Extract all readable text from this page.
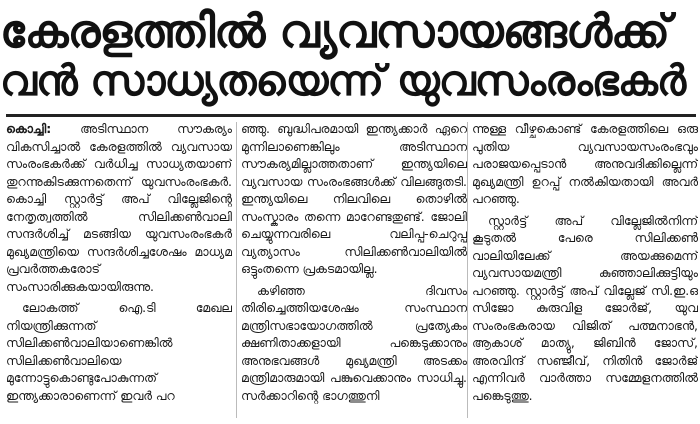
കേരളത്തിൽ വ്യവസായങ്ങൾക്ക്
വൻ സാധ്യതയെന്ന് യുവസംരംഭകർ

കൊച്ചി: അടിസ്ഥാന സൗകര്യം വികസിച്ചാൽ കേരളത്തിൽ വ്യവസായ സംരംഭകർക്ക് വർധിച്ച സാധ്യതയാണ് തുറന്നുകിടക്കുന്നതെന്ന് യുവസംരംഭകർ. കൊച്ചി സ്റ്റാർട്ട് അപ് വില്ലേജിന്റെ നേതൃത്വത്തിൽ സിലിക്കൺവാലി സന്ദർശിച്ച് മടങ്ങിയ യുവസംരംഭകർ മുഖ്യമന്ത്രിയെ സന്ദർശിച്ചശേഷം മാധ്യമ പ്രവർത്തകരോട് സംസാരിക്കുകയായിരുന്നു.

ലോകത്ത് ഐ.ടി മേഖല നിയന്ത്രിക്കുന്നത് സിലിക്കൺവാലിയാണെങ്കിൽ സിലിക്കൺവാലിയെ മുന്നോട്ടുകൊണ്ടുപോകുന്നത് ഇന്ത്യക്കാരാണെന്ന് ഇവർ പറ

ഞ്ഞു. ബുദ്ധിപരമായി ഇന്ത്യക്കാർ ഏറെ മുന്നിലാണെങ്കിലും അടിസ്ഥാന സൗകര്യമില്ലാത്തതാണ് ഇന്ത്യയിലെ വ്യവസായ സംരംഭങ്ങൾക്ക് വിലങ്ങുതടി. ഇന്ത്യയിലെ നിലവിലെ തൊഴിൽ സംസ്കാരം തന്നെ മാറേണ്ടതുണ്ട്. ജോലി ചെയ്യുന്നവരിലെ വലിപ്പ-ചെറുപ്പ വ്യത്യാസം സിലിക്കൺവാലിയിൽ ഒട്ടുംതന്നെ പ്രകടമായില്ല.

കഴിഞ്ഞ ദിവസം തിരിച്ചെത്തിയശേഷം സംസ്ഥാന മന്ത്രിസഭായോഗത്തിൽ പ്രത്യേകം ക്ഷണിതാക്കളായി പങ്കെടുക്കാനും അനുഭവങ്ങൾ മുഖ്യമന്ത്രി അടക്കം മന്ത്രിമാരുമായി പങ്കുവെക്കാനും സാധിച്ചു. സർക്കാറിന്റെ ഭാഗത്തുനി

ന്നുള്ള വീഴ്ചകൊണ്ട് കേരളത്തിലെ ഒരു പുതിയ വ്യവസായസംരംഭവും പരാജയപ്പെടാൻ അനുവദിക്കില്ലെന്ന് മുഖ്യമന്ത്രി ഉറപ്പ് നൽകിയതായി അവർ പറഞ്ഞു.

സ്റ്റാർട്ട് അപ് വില്ലേജിൽനിന്ന് കൂടുതൽ പേരെ സിലിക്കൺ വാലിയിലേക്ക് അയക്കുമെന്ന് വ്യവസായമന്ത്രി കുഞ്ഞാലിക്കുട്ടിയും പറഞ്ഞു. സ്റ്റാർട്ട് അപ് വില്ലേജ് സി.ഇ.ഒ സിജോ കുരുവിള ജോർജ്, യുവ സംരംഭകരായ വിജിത് പത്മനാഭൻ, ആകാശ് മാത്യു, ജിബിൻ ജോസ്, അരവിന്ദ് സഞ്ജീവ്, നിതിൻ ജോർജ് എന്നിവർ വാർത്താ സമ്മേളനത്തിൽ പങ്കെടുത്തു.
